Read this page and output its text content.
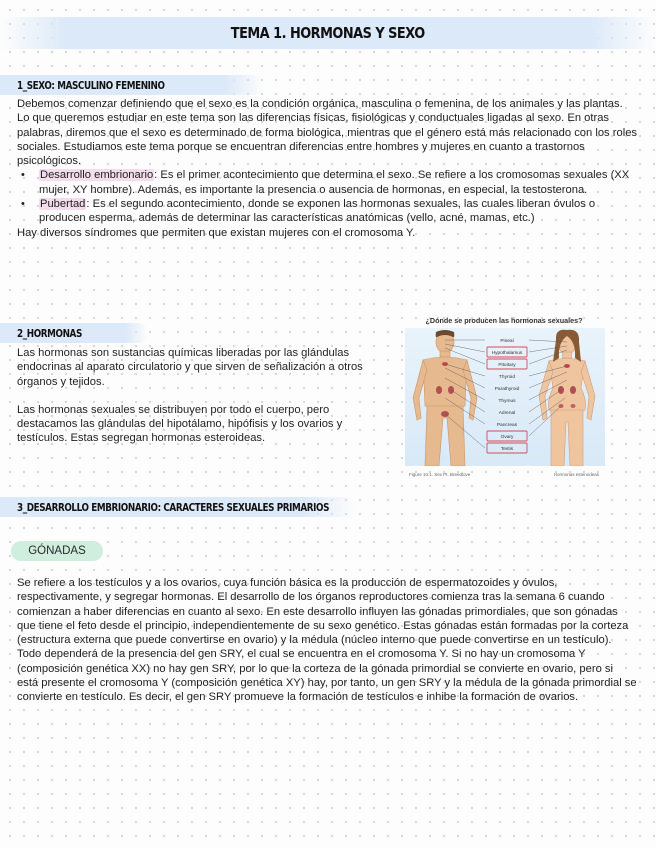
TEMA 1. HORMONAS Y SEXO
1_SEXO: MASCULINO FEMENINO

Debemos comenzar definiendo que el sexo es la condición orgánica, masculina o femenina, de los animales y las plantas. Lo que queremos estudiar en este tema son las diferencias físicas, fisiológicas y conductuales ligadas al sexo. En otras palabras, diremos que el sexo es determinado de forma biológica, mientras que el género está más relacionado con los roles sociales. Estudiamos este tema porque se encuentran diferencias entre hombres y mujeres en cuanto a trastornos psicológicos.

• Desarrollo embrionario: Es el primer acontecimiento que determina el sexo. Se refiere a los cromosomas sexuales (XX mujer, XY hombre). Además, es importante la presencia o ausencia de hormonas, en especial, la testosterona.
• Pubertad: Es el segundo acontecimiento, donde se exponen las hormonas sexuales, las cuales liberan óvulos o producen esperma, además de determinar las características anatómicas (vello, acné, mamas, etc.)

Hay diversos síndromes que permiten que existan mujeres con el cromosoma Y.

2_HORMONAS

Las hormonas son sustancias químicas liberadas por las glándulas endocrinas al aparato circulatorio y que sirven de señalización a otros órganos y tejidos.

Las hormonas sexuales se distribuyen por todo el cuerpo, pero destacamos las glándulas del hipotálamo, hipófisis y los ovarios y testículos. Estas segregan hormonas esteroideas.

¿Dónde se producen las hormonas sexuales?
Pineal
Hypothalamus
Pituitary
Thyroid
Parathyroid
Thymus
Adrenal
Pancreas
Ovary
Testis
Figure 10.1. Sex Pt. Breedlove	Hormonas esteroideas
3_DESARROLLO EMBRIONARIO: CARACTERES SEXUALES PRIMARIOS
GÓNADAS

Se refiere a los testículos y a los ovarios, cuya función básica es la producción de espermatozoides y óvulos, respectivamente, y segregar hormonas. El desarrollo de los órganos reproductores comienza tras la semana 6 cuando comienzan a haber diferencias en cuanto al sexo. En este desarrollo influyen las gónadas primordiales, que son gónadas que tiene el feto desde el principio, independientemente de su sexo genético. Estas gónadas están formadas por la corteza (estructura externa que puede convertirse en ovario) y la médula (núcleo interno que puede convertirse en un testículo). Todo dependerá de la presencia del gen SRY, el cual se encuentra en el cromosoma Y. Si no hay un cromosoma Y (composición genética XX) no hay gen SRY, por lo que la corteza de la gónada primordial se convierte en ovario, pero si está presente el cromosoma Y (composición genética XY) hay, por tanto, un gen SRY y la médula de la gónada primordial se convierte en testículo. Es decir, el gen SRY promueve la formación de testículos e inhibe la formación de ovarios.
